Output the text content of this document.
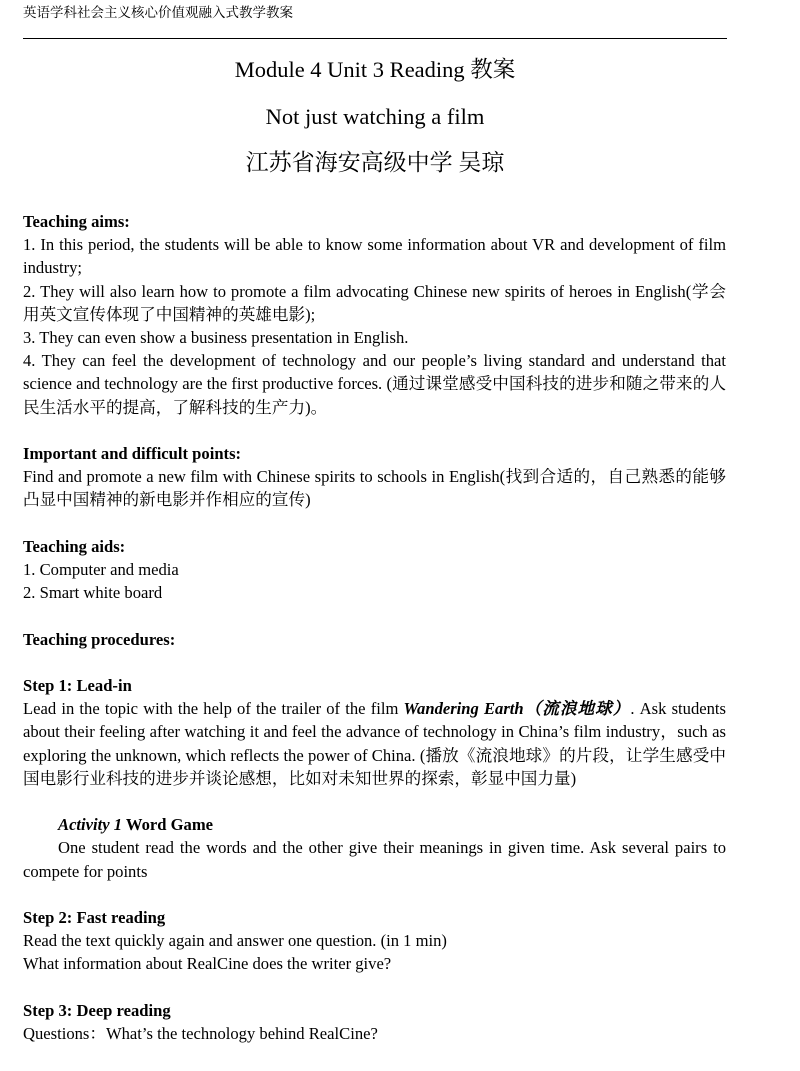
英语学科社会主义核心价值观融入式教学教案
Module 4 Unit 3 Reading 教案
Not just watching a film
江苏省海安高级中学 吴琼

Teaching aims:

1. In this period, the students will be able to know some information about VR and development of film industry;

2. They will also learn how to promote a film advocating Chinese new spirits of heroes in English(学会用英文宣传体现了中国精神的英雄电影);

3. They can even show a business presentation in English.

4. They can feel the development of technology and our people’s living standard and understand that science and technology are the first productive forces. (通过课堂感受中国科技的进步和随之带来的人民生活水平的提高，了解科技的生产力)。

Important and difficult points:

Find and promote a new film with Chinese spirits to schools in English(找到合适的，自己熟悉的能够凸显中国精神的新电影并作相应的宣传)

Teaching aids:

1. Computer and media

2. Smart white board

Teaching procedures:

Step 1: Lead-in

Lead in the topic with the help of the trailer of the film Wandering Earth（流浪地球）. Ask students about their feeling after watching it and feel the advance of technology in China’s film industry，such as exploring the unknown, which reflects the power of China. (播放《流浪地球》的片段，让学生感受中国电影行业科技的进步并谈论感想，比如对未知世界的探索，彰显中国力量)

Activity 1 Word Game

One student read the words and the other give their meanings in given time. Ask several pairs to compete for points

Step 2: Fast reading

Read the text quickly again and answer one question. (in 1 min)

What information about RealCine does the writer give?

Step 3: Deep reading

Questions：What’s the technology behind RealCine?
